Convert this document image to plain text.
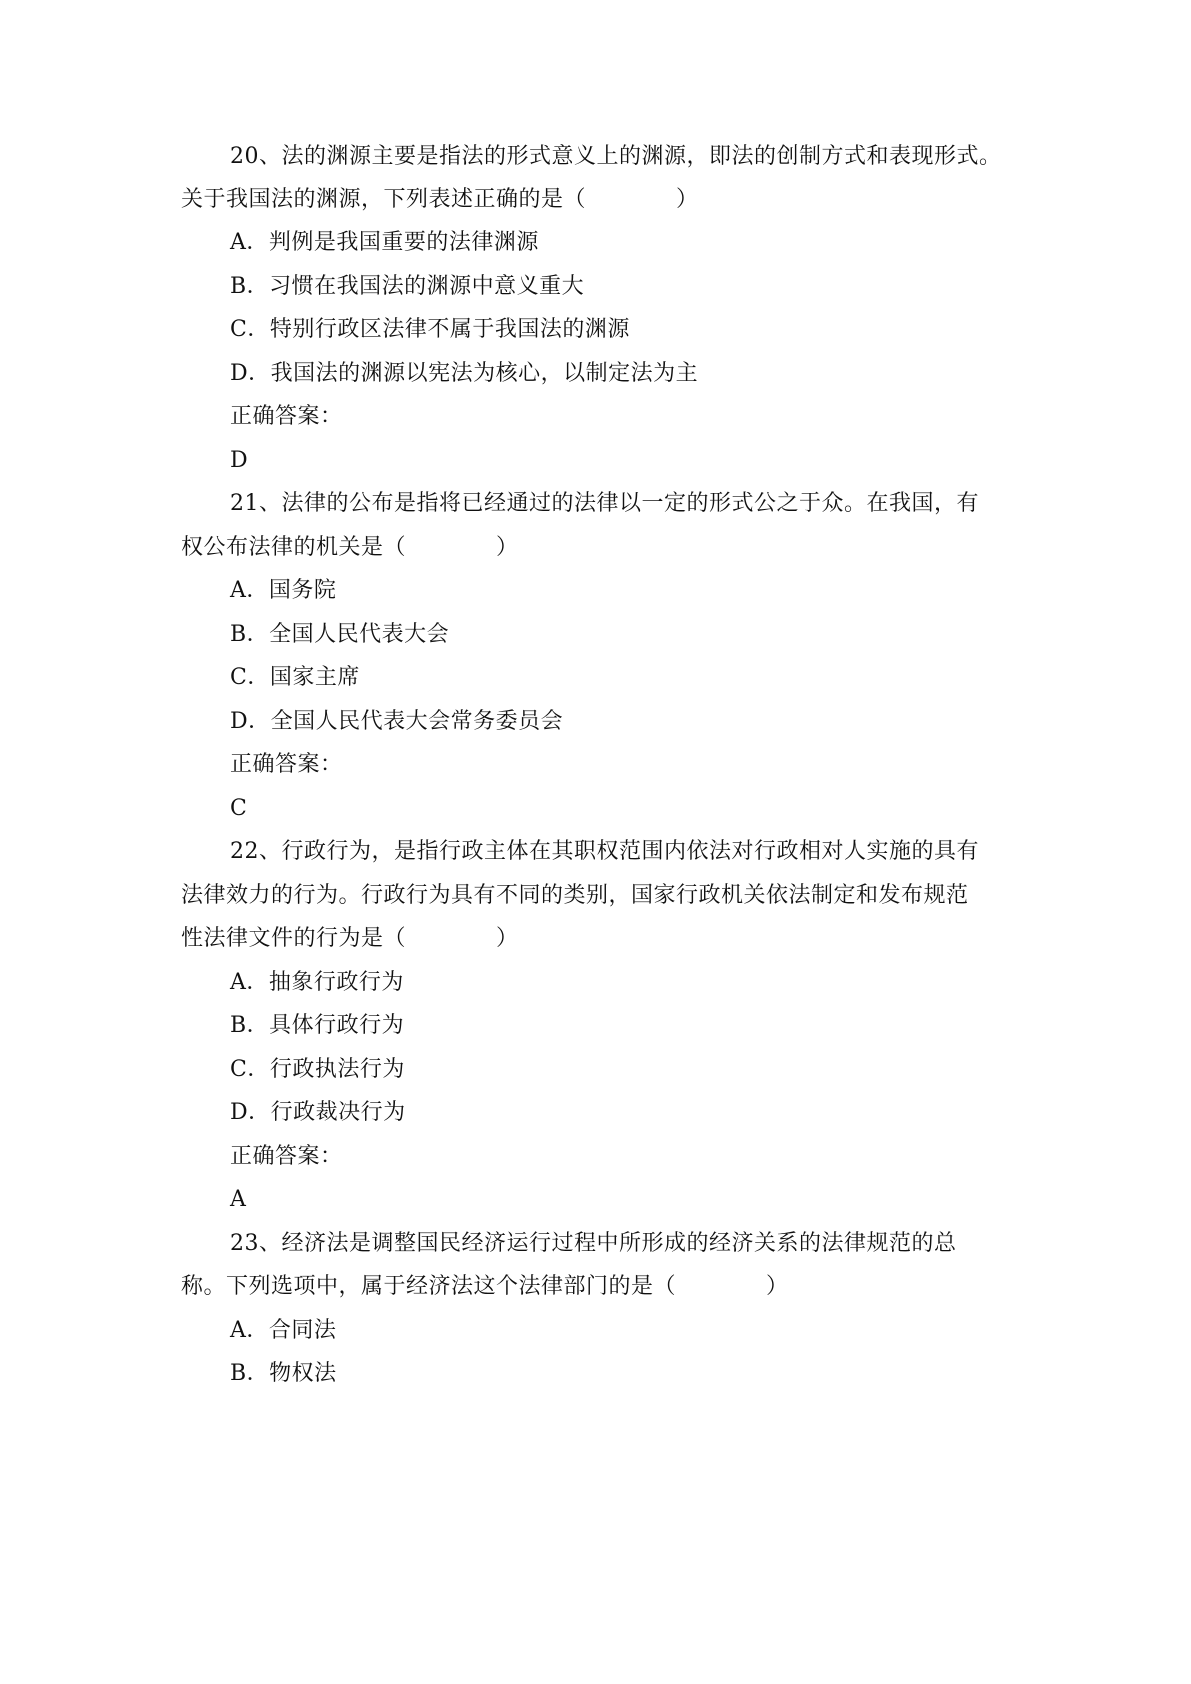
20、法的渊源主要是指法的形式意义上的渊源，即法的创制方式和表现形式。
关于我国法的渊源，下列表述正确的是（　　　　）
A．判例是我国重要的法律渊源
B．习惯在我国法的渊源中意义重大
C．特别行政区法律不属于我国法的渊源
D．我国法的渊源以宪法为核心，以制定法为主
正确答案：
D
21、法律的公布是指将已经通过的法律以一定的形式公之于众。在我国，有
权公布法律的机关是（　　　　）
A．国务院
B．全国人民代表大会
C．国家主席
D．全国人民代表大会常务委员会
正确答案：
C
22、行政行为，是指行政主体在其职权范围内依法对行政相对人实施的具有
法律效力的行为。行政行为具有不同的类别，国家行政机关依法制定和发布规范
性法律文件的行为是（　　　　）
A．抽象行政行为
B．具体行政行为
C．行政执法行为
D．行政裁决行为
正确答案：
A
23、经济法是调整国民经济运行过程中所形成的经济关系的法律规范的总
称。下列选项中，属于经济法这个法律部门的是（　　　　）
A．合同法
B．物权法
